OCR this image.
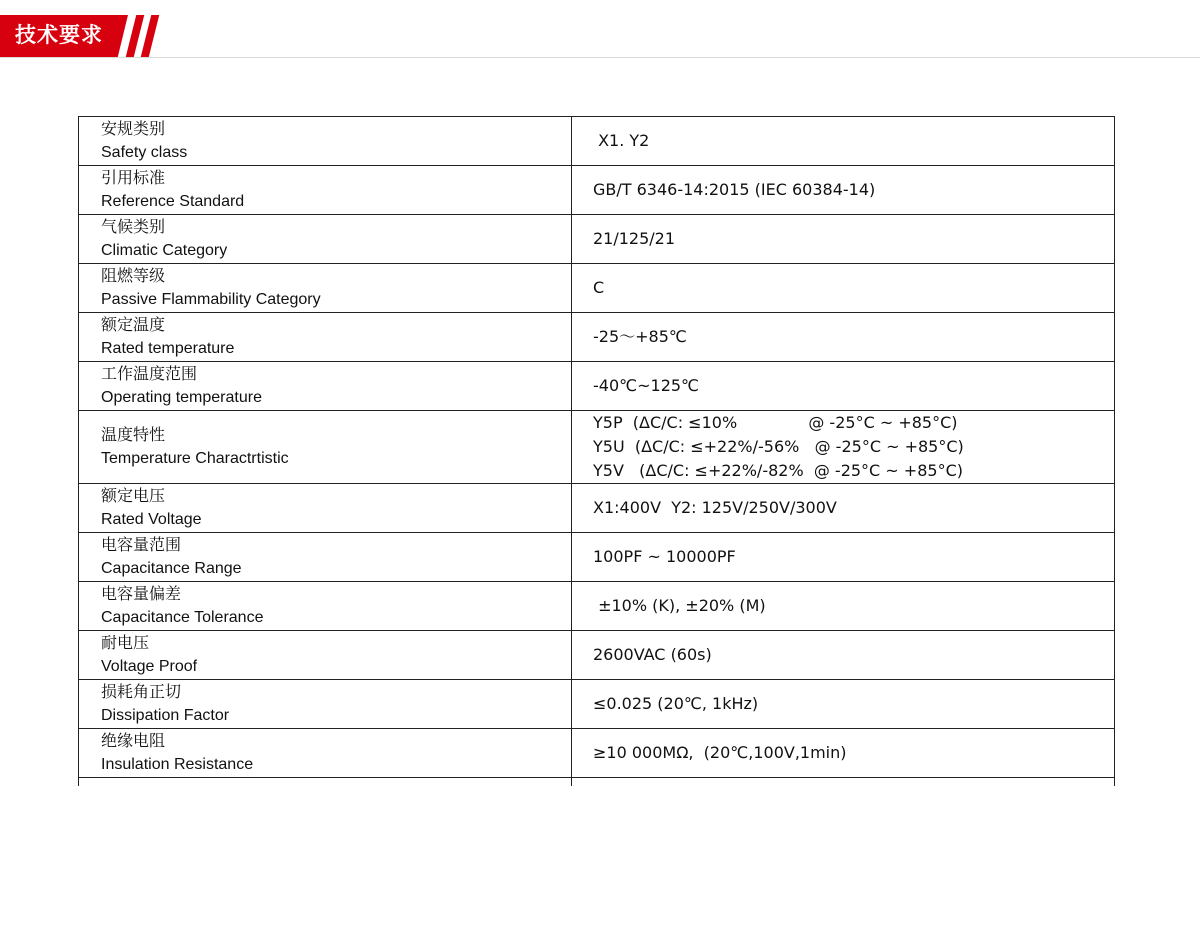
技术要求
安规类别
Safety class	X1. Y2

引用标准
Reference Standard	GB/T 6346-14:2015 (IEC 60384-14)

气候类别
Climatic Category	21/125/21

阻燃等级
Passive Flammability Category	C

额定温度
Rated temperature	-25～+85℃

工作温度范围
Operating temperature	-40℃~125℃

温度特性
Temperature Charactrtistic	Y5P  (ΔC/C: ≤10%              @ -25°C ~ +85°C)
Y5U  (ΔC/C: ≤+22%/-56%   @ -25°C ~ +85°C)
Y5V   (ΔC/C: ≤+22%/-82%  @ -25°C ~ +85°C)

额定电压
Rated Voltage	X1:400V  Y2: 125V/250V/300V

电容量范围
Capacitance Range	100PF ~ 10000PF

电容量偏差
Capacitance Tolerance	±10% (K), ±20% (M)

耐电压
Voltage Proof	2600VAC (60s)

损耗角正切
Dissipation Factor	≤0.025 (20℃, 1kHz)

绝缘电阻
Insulation Resistance	≥10 000MΩ,  (20℃,100V,1min)
